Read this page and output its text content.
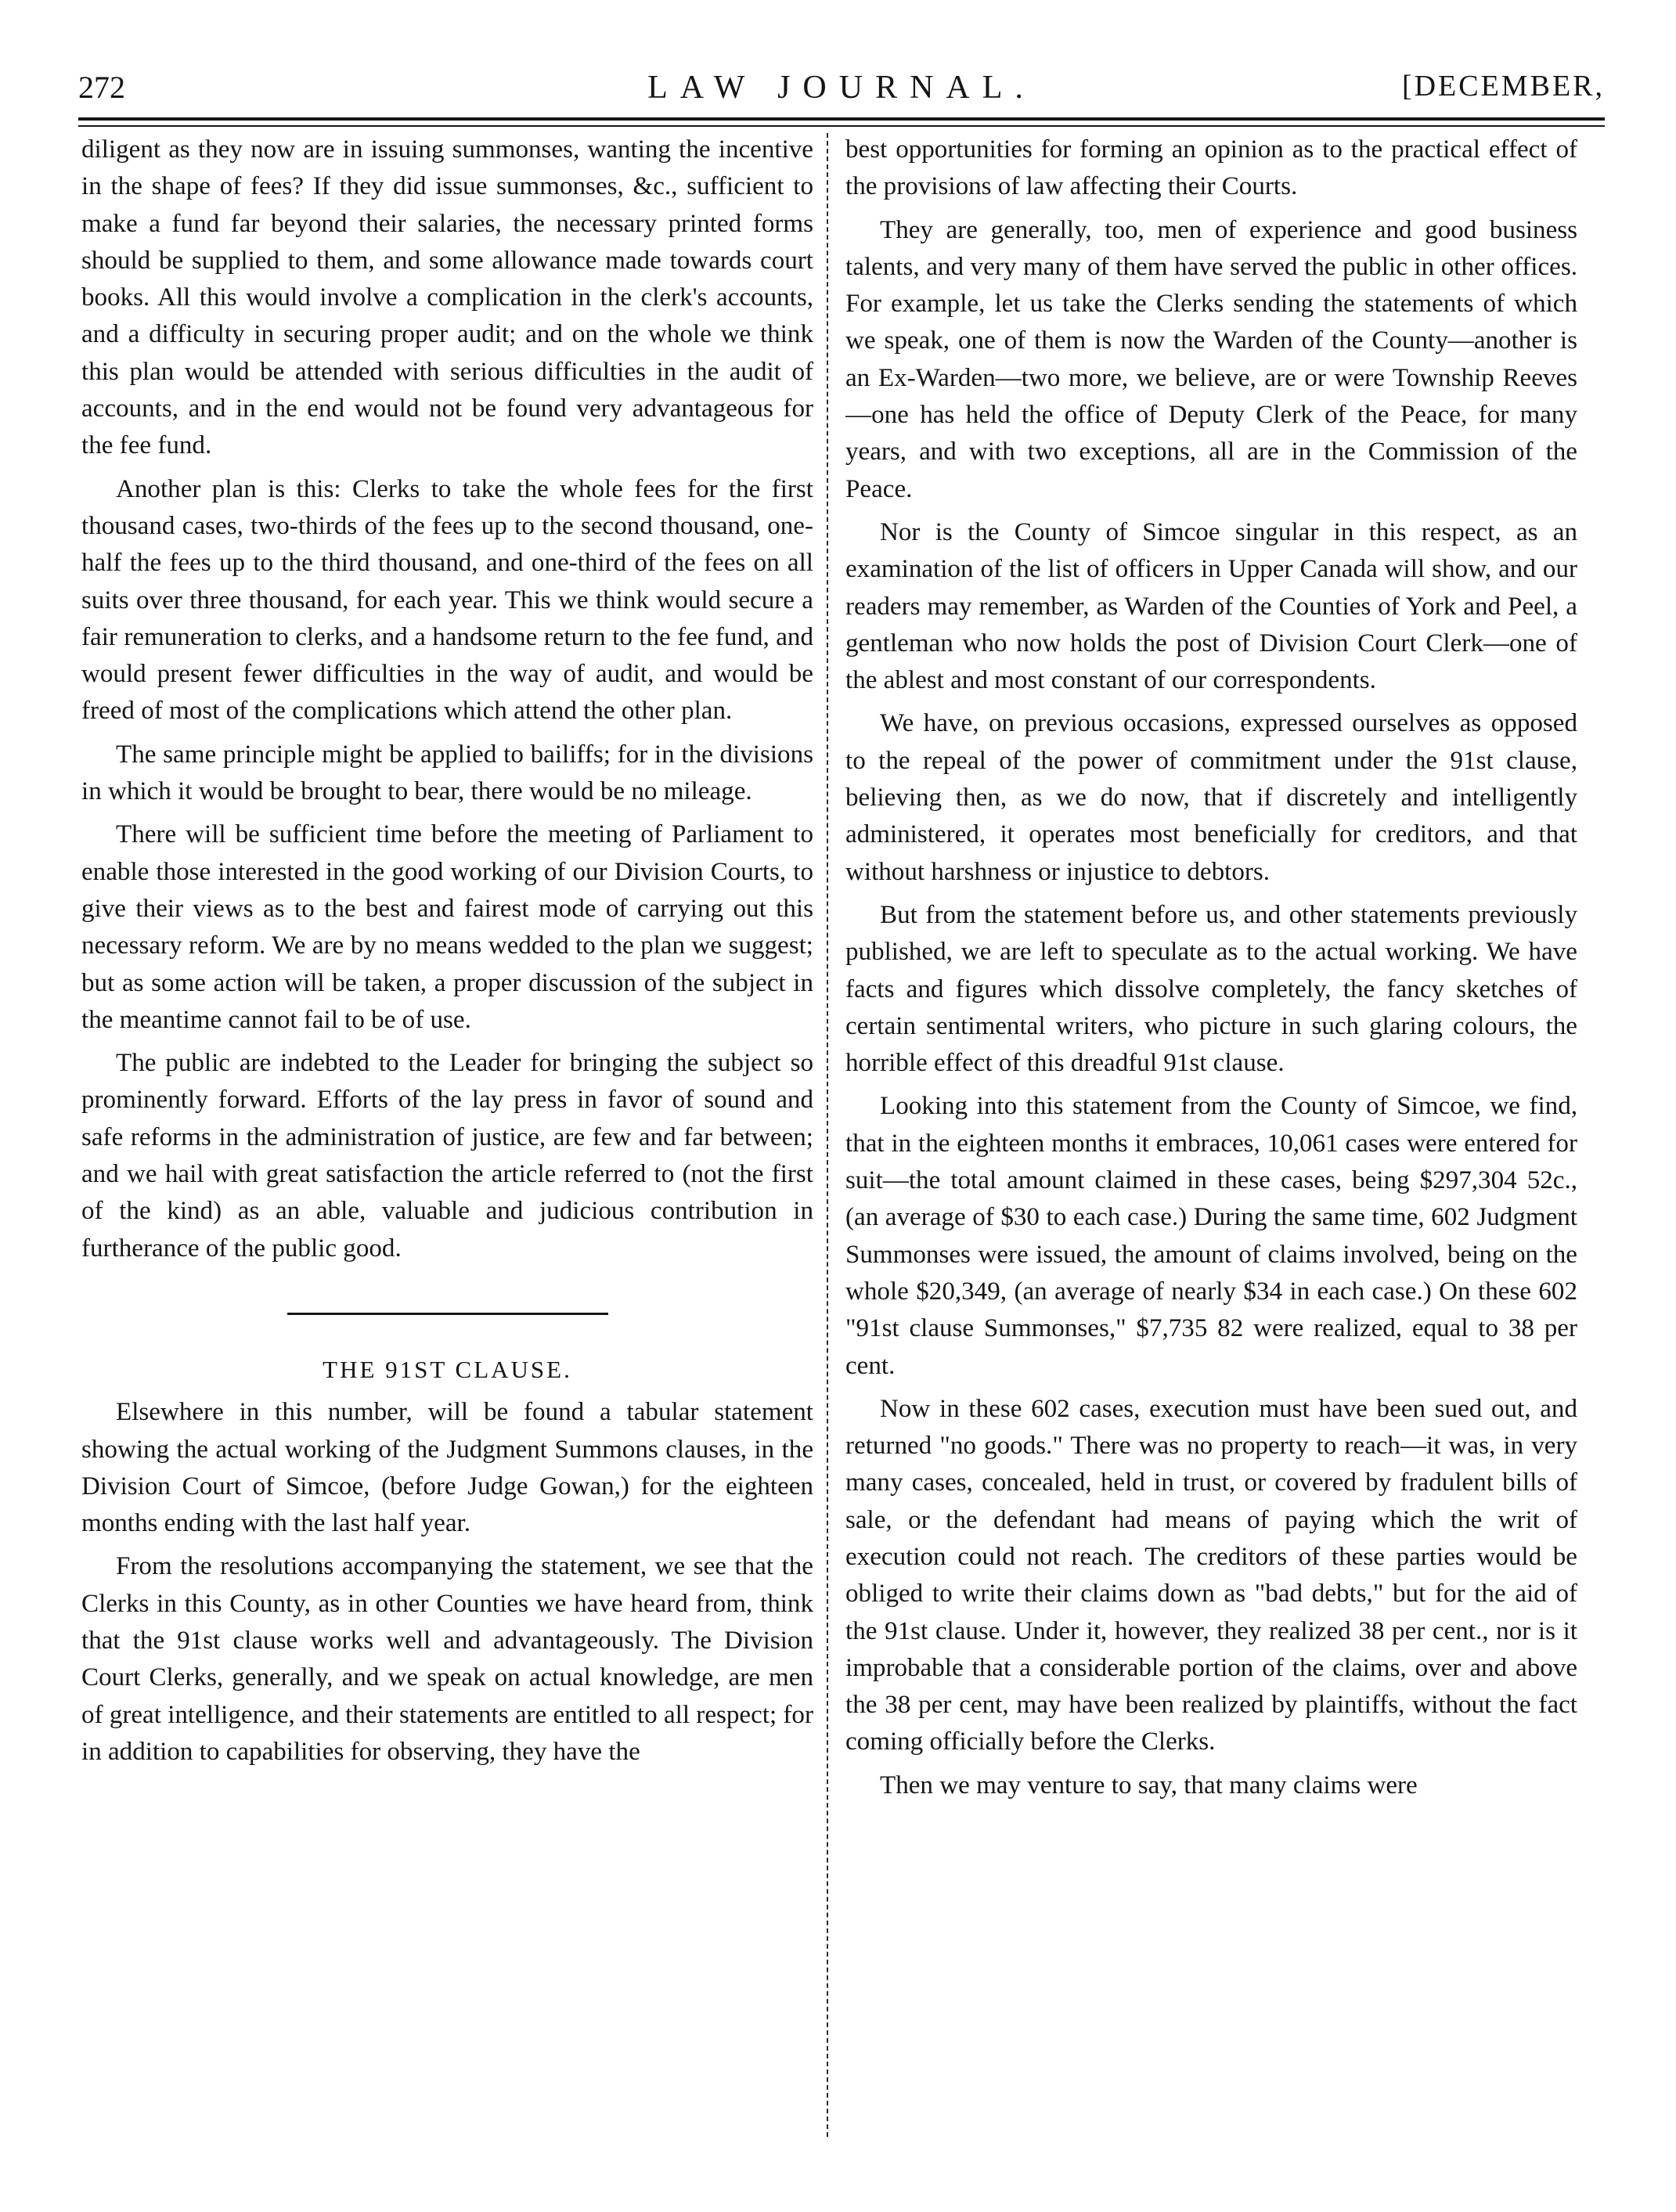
272	LAW JOURNAL.	[DECEMBER,

diligent as they now are in issuing summonses, wanting the incentive in the shape of fees? If they did issue summonses, &c., sufficient to make a fund far beyond their salaries, the necessary printed forms should be supplied to them, and some allowance made towards court books. All this would involve a complication in the clerk's accounts, and a difficulty in securing proper audit; and on the whole we think this plan would be attended with serious difficulties in the audit of accounts, and in the end would not be found very advantageous for the fee fund.

Another plan is this: Clerks to take the whole fees for the first thousand cases, two-thirds of the fees up to the second thousand, one-half the fees up to the third thousand, and one-third of the fees on all suits over three thousand, for each year. This we think would secure a fair remuneration to clerks, and a handsome return to the fee fund, and would present fewer difficulties in the way of audit, and would be freed of most of the complications which attend the other plan.

The same principle might be applied to bailiffs; for in the divisions in which it would be brought to bear, there would be no mileage.

There will be sufficient time before the meeting of Parliament to enable those interested in the good working of our Division Courts, to give their views as to the best and fairest mode of carrying out this necessary reform. We are by no means wedded to the plan we suggest; but as some action will be taken, a proper discussion of the subject in the meantime cannot fail to be of use.

The public are indebted to the Leader for bringing the subject so prominently forward. Efforts of the lay press in favor of sound and safe reforms in the administration of justice, are few and far between; and we hail with great satisfaction the article referred to (not the first of the kind) as an able, valuable and judicious contribution in furtherance of the public good.

THE 91ST CLAUSE.

Elsewhere in this number, will be found a tabular statement showing the actual working of the Judgment Summons clauses, in the Division Court of Simcoe, (before Judge Gowan,) for the eighteen months ending with the last half year.

From the resolutions accompanying the statement, we see that the Clerks in this County, as in other Counties we have heard from, think that the 91st clause works well and advantageously. The Division Court Clerks, generally, and we speak on actual knowledge, are men of great intelligence, and their statements are entitled to all respect; for in addition to capabilities for observing, they have the

best opportunities for forming an opinion as to the practical effect of the provisions of law affecting their Courts.

They are generally, too, men of experience and good business talents, and very many of them have served the public in other offices. For example, let us take the Clerks sending the statements of which we speak, one of them is now the Warden of the County—another is an Ex-Warden—two more, we believe, are or were Township Reeves—one has held the office of Deputy Clerk of the Peace, for many years, and with two exceptions, all are in the Commission of the Peace.

Nor is the County of Simcoe singular in this respect, as an examination of the list of officers in Upper Canada will show, and our readers may remember, as Warden of the Counties of York and Peel, a gentleman who now holds the post of Division Court Clerk—one of the ablest and most constant of our correspondents.

We have, on previous occasions, expressed ourselves as opposed to the repeal of the power of commitment under the 91st clause, believing then, as we do now, that if discretely and intelligently administered, it operates most beneficially for creditors, and that without harshness or injustice to debtors.

But from the statement before us, and other statements previously published, we are left to speculate as to the actual working. We have facts and figures which dissolve completely, the fancy sketches of certain sentimental writers, who picture in such glaring colours, the horrible effect of this dreadful 91st clause.

Looking into this statement from the County of Simcoe, we find, that in the eighteen months it embraces, 10,061 cases were entered for suit—the total amount claimed in these cases, being $297,304 52c., (an average of $30 to each case.) During the same time, 602 Judgment Summonses were issued, the amount of claims involved, being on the whole $20,349, (an average of nearly $34 in each case.) On these 602 "91st clause Summonses," $7,735 82 were realized, equal to 38 per cent.

Now in these 602 cases, execution must have been sued out, and returned "no goods." There was no property to reach—it was, in very many cases, concealed, held in trust, or covered by fradulent bills of sale, or the defendant had means of paying which the writ of execution could not reach. The creditors of these parties would be obliged to write their claims down as "bad debts," but for the aid of the 91st clause. Under it, however, they realized 38 per cent., nor is it improbable that a considerable portion of the claims, over and above the 38 per cent, may have been realized by plaintiffs, without the fact coming officially before the Clerks.

Then we may venture to say, that many claims were
